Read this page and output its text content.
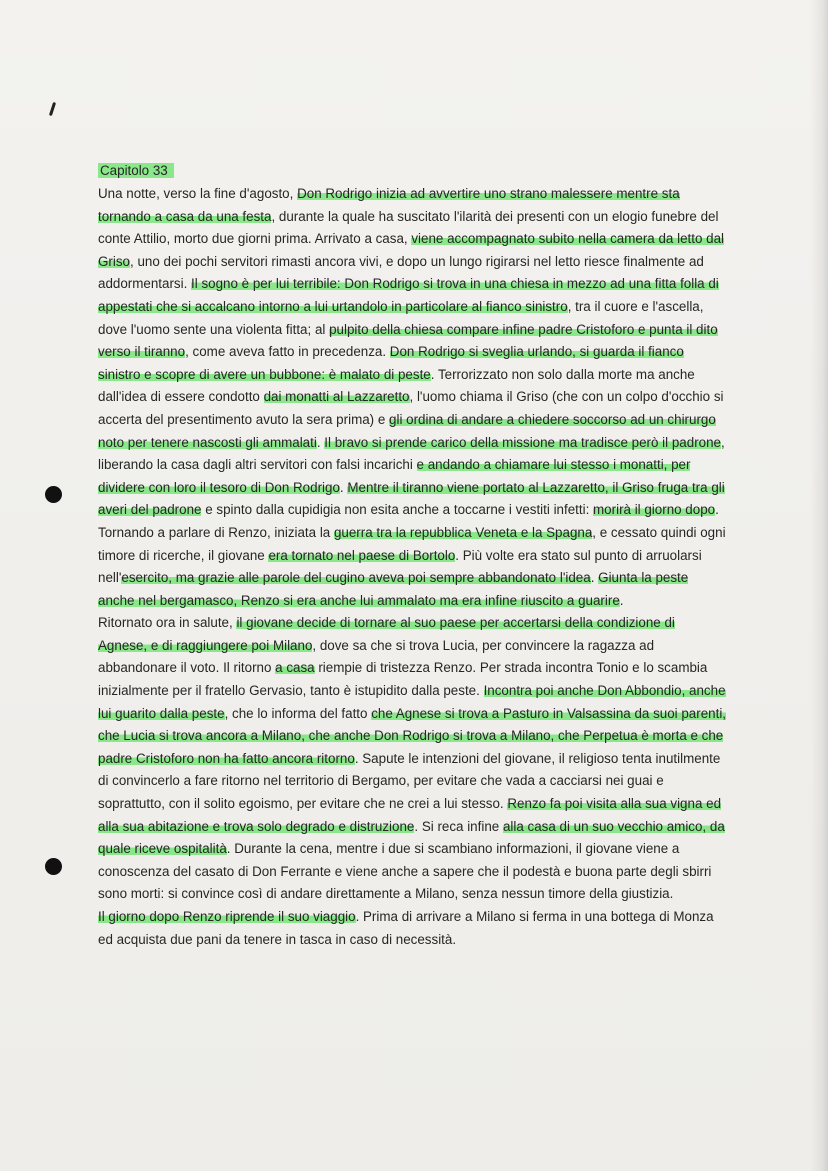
Capitolo 33

Una notte, verso la fine d'agosto, Don Rodrigo inizia ad avvertire uno strano malessere mentre sta tornando a casa da una festa, durante la quale ha suscitato l'ilarità dei presenti con un elogio funebre del conte Attilio, morto due giorni prima. Arrivato a casa, viene accompagnato subito nella camera da letto dal Griso, uno dei pochi servitori rimasti ancora vivi, e dopo un lungo rigirarsi nel letto riesce finalmente ad addormentarsi. Il sogno è per lui terribile: Don Rodrigo si trova in una chiesa in mezzo ad una fitta folla di appestati che si accalcano intorno a lui urtandolo in particolare al fianco sinistro, tra il cuore e l'ascella, dove l'uomo sente una violenta fitta; al pulpito della chiesa compare infine padre Cristoforo e punta il dito verso il tiranno, come aveva fatto in precedenza. Don Rodrigo si sveglia urlando, si guarda il fianco sinistro e scopre di avere un bubbone: è malato di peste. Terrorizzato non solo dalla morte ma anche dall'idea di essere condotto dai monatti al Lazzaretto, l'uomo chiama il Griso (che con un colpo d'occhio si accerta del presentimento avuto la sera prima) e gli ordina di andare a chiedere soccorso ad un chirurgo noto per tenere nascosti gli ammalati. Il bravo si prende carico della missione ma tradisce però il padrone, liberando la casa dagli altri servitori con falsi incarichi e andando a chiamare lui stesso i monatti, per dividere con loro il tesoro di Don Rodrigo. Mentre il tiranno viene portato al Lazzaretto, il Griso fruga tra gli averi del padrone e spinto dalla cupidigia non esita anche a toccarne i vestiti infetti: morirà il giorno dopo.

Tornando a parlare di Renzo, iniziata la guerra tra la repubblica Veneta e la Spagna, e cessato quindi ogni timore di ricerche, il giovane era tornato nel paese di Bortolo. Più volte era stato sul punto di arruolarsi nell'esercito, ma grazie alle parole del cugino aveva poi sempre abbandonato l'idea. Giunta la peste anche nel bergamasco, Renzo si era anche lui ammalato ma era infine riuscito a guarire.

Ritornato ora in salute, il giovane decide di tornare al suo paese per accertarsi della condizione di Agnese, e di raggiungere poi Milano, dove sa che si trova Lucia, per convincere la ragazza ad abbandonare il voto. Il ritorno a casa riempie di tristezza Renzo. Per strada incontra Tonio e lo scambia inizialmente per il fratello Gervasio, tanto è istupidito dalla peste. Incontra poi anche Don Abbondio, anche lui guarito dalla peste, che lo informa del fatto che Agnese si trova a Pasturo in Valsassina da suoi parenti, che Lucia si trova ancora a Milano, che anche Don Rodrigo si trova a Milano, che Perpetua è morta e che padre Cristoforo non ha fatto ancora ritorno. Sapute le intenzioni del giovane, il religioso tenta inutilmente di convincerlo a fare ritorno nel territorio di Bergamo, per evitare che vada a cacciarsi nei guai e soprattutto, con il solito egoismo, per evitare che ne crei a lui stesso. Renzo fa poi visita alla sua vigna ed alla sua abitazione e trova solo degrado e distruzione. Si reca infine alla casa di un suo vecchio amico, da quale riceve ospitalità. Durante la cena, mentre i due si scambiano informazioni, il giovane viene a conoscenza del casato di Don Ferrante e viene anche a sapere che il podestà e buona parte degli sbirri sono morti: si convince così di andare direttamente a Milano, senza nessun timore della giustizia.

Il giorno dopo Renzo riprende il suo viaggio. Prima di arrivare a Milano si ferma in una bottega di Monza ed acquista due pani da tenere in tasca in caso di necessità.
